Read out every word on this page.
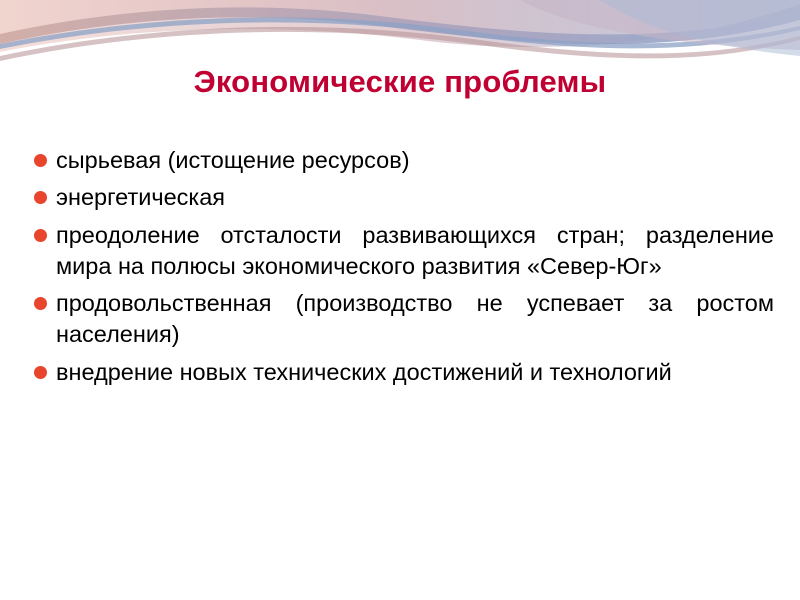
Экономические проблемы
сырьевая (истощение ресурсов)
энергетическая
преодоление отсталости развивающихся стран; разделение мира на полюсы экономического развития «Север-Юг»
продовольственная (производство не успевает за ростом населения)
внедрение новых технических достижений и технологий
